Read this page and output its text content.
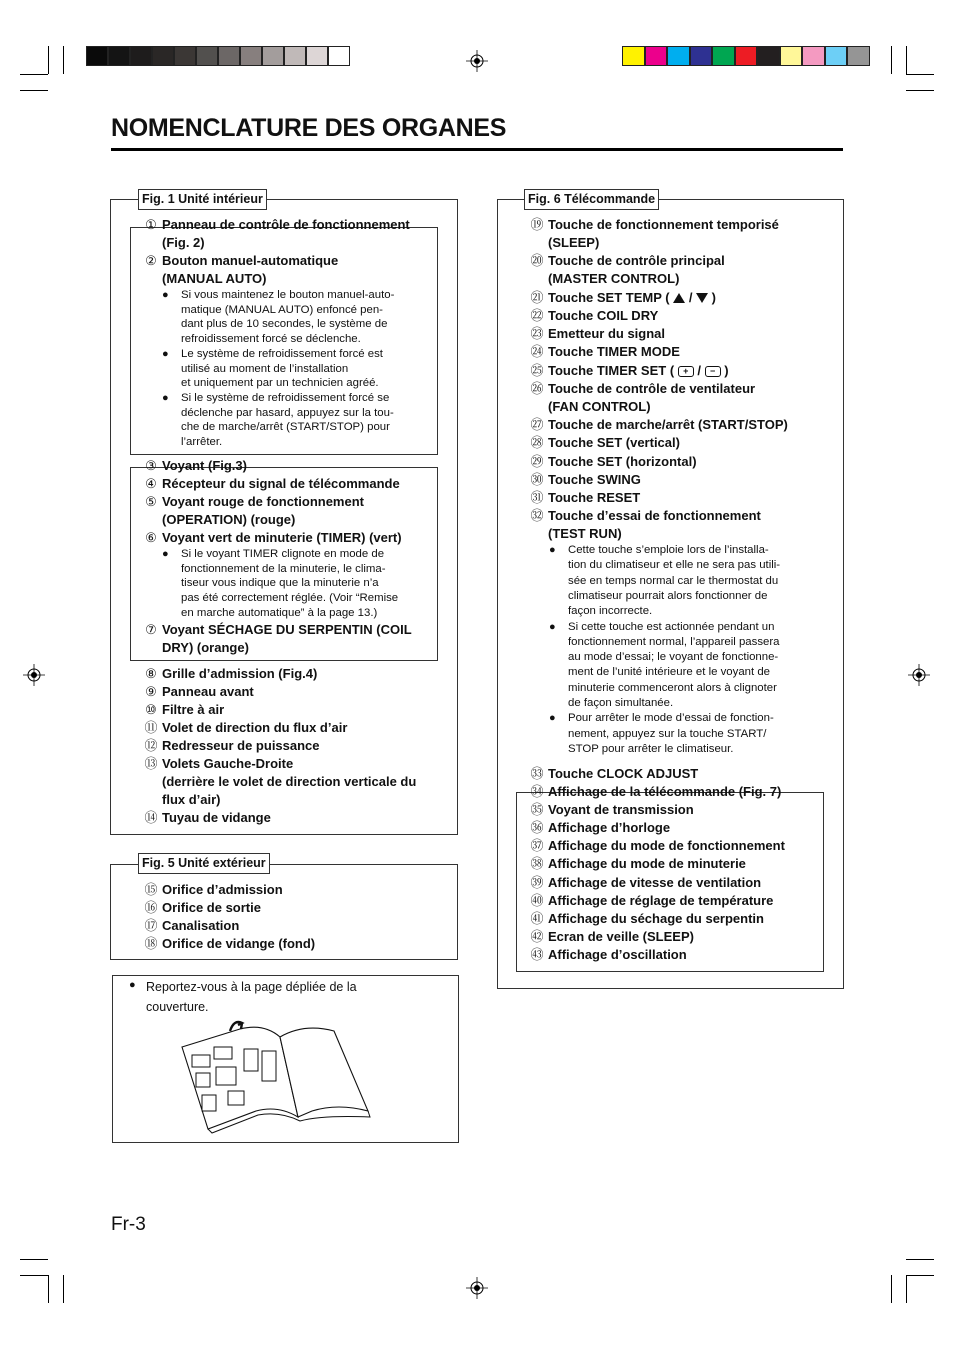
NOMENCLATURE DES ORGANES
Fig. 1 Unité intérieur
① Panneau de contrôle de fonctionnement
(Fig. 2)
② Bouton manuel-automatique
(MANUAL AUTO)
● Si vous maintenez le bouton manuel-auto-
matique (MANUAL AUTO) enfoncé pen-
dant plus de 10 secondes, le système de
refroidissement forcé se déclenche.
● Le système de refroidissement forcé est
utilisé au moment de l’installation
et uniquement par un technicien agréé.
● Si le système de refroidissement forcé se
déclenche par hasard, appuyez sur la tou-
che de marche/arrêt (START/STOP) pour
l’arrêter.
③ Voyant (Fig.3)
④ Récepteur du signal de télécommande
⑤ Voyant rouge de fonctionnement
(OPERATION) (rouge)
⑥ Voyant vert de minuterie (TIMER) (vert)
● Si le voyant TIMER clignote en mode de
fonctionnement de la minuterie, le clima-
tiseur vous indique que la minuterie n’a
pas été correctement réglée. (Voir “Remise
en marche automatique” à la page 13.)
⑦ Voyant SÉCHAGE DU SERPENTIN (COIL
DRY) (orange)
⑧ Grille d’admission (Fig.4)
⑨ Panneau avant
⑩ Filtre à air
⑪ Volet de direction du flux d’air
⑫ Redresseur de puissance
⑬ Volets Gauche-Droite
(derrière le volet de direction verticale du
flux d’air)
⑭ Tuyau de vidange
Fig. 5 Unité extérieur
⑮ Orifice d’admission
⑯ Orifice de sortie
⑰ Canalisation
⑱ Orifice de vidange (fond)
● Reportez-vous à la page dépliée de la
couverture.
Fig. 6 Télécommande
⑲ Touche de fonctionnement temporisé
(SLEEP)
⑳ Touche de contrôle principal
(MASTER CONTROL)
㉑ Touche SET TEMP (  /  )
㉒ Touche COIL DRY
㉓ Emetteur du signal
㉔ Touche TIMER MODE
㉕ Touche TIMER SET ( + / − )
㉖ Touche de contrôle de ventilateur
(FAN CONTROL)
㉗ Touche de marche/arrêt (START/STOP)
㉘ Touche SET (vertical)
㉙ Touche SET (horizontal)
㉚ Touche SWING
㉛ Touche RESET
㉜ Touche d’essai de fonctionnement
(TEST RUN)
● Cette touche s’emploie lors de l’installa-
tion du climatiseur et elle ne sera pas utili-
sée en temps normal car le thermostat du
climatiseur pourrait alors fonctionner de
façon incorrecte.
● Si cette touche est actionnée pendant un
fonctionnement normal, l’appareil passera
au mode d’essai; le voyant de fonctionne-
ment de l’unité intérieure et le voyant de
minuterie commenceront alors à clignoter
de façon simultanée.
● Pour arrêter le mode d’essai de fonction-
nement, appuyez sur la touche START/
STOP pour arrêter le climatiseur.
㉝ Touche CLOCK ADJUST
㉞ Affichage de la télécommande (Fig. 7)
㉟ Voyant de transmission
㊱ Affichage d’horloge
㊲ Affichage du mode de fonctionnement
㊳ Affichage du mode de minuterie
㊴ Affichage de vitesse de ventilation
㊵ Affichage de réglage de température
㊶ Affichage du séchage du serpentin
㊷ Ecran de veille (SLEEP)
㊸ Affichage d’oscillation
Fr-3
